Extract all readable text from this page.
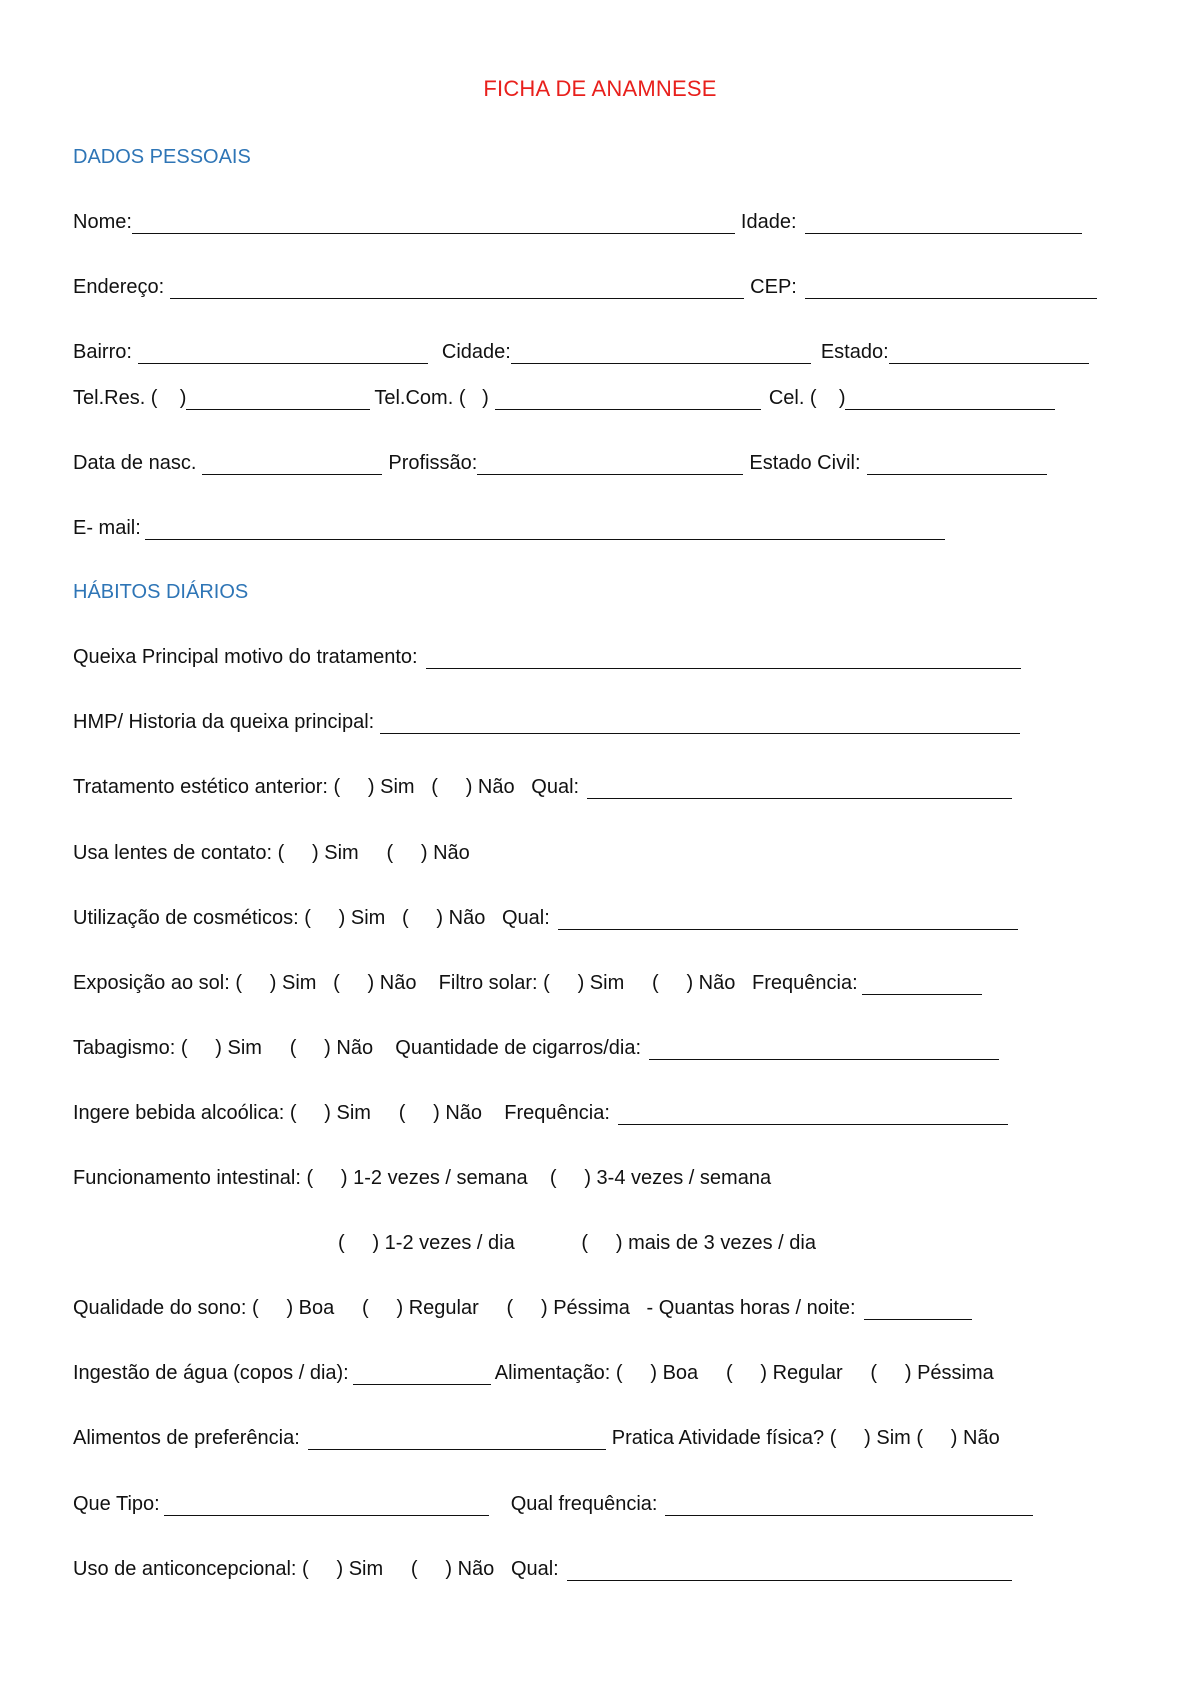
FICHA DE ANAMNESE
DADOS PESSOAIS
Nome:	Idade:
Endereço:	CEP:
Bairro:	Cidade:	Estado:
Tel.Res. (    )	Tel.Com. (   )	Cel. (    )
Data de nasc.	Profissão:	Estado Civil:
E- mail:
HÁBITOS DIÁRIOS
Queixa Principal motivo do tratamento:
HMP/ Historia da queixa principal:
Tratamento estético anterior: (     ) Sim   (     ) Não   Qual:
Usa lentes de contato: (     ) Sim     (     ) Não
Utilização de cosméticos: (     ) Sim   (     ) Não   Qual:
Exposição ao sol: (     ) Sim   (     ) Não    Filtro solar: (     ) Sim     (     ) Não   Frequência:
Tabagismo: (     ) Sim     (     ) Não    Quantidade de cigarros/dia:
Ingere bebida alcoólica: (     ) Sim     (     ) Não    Frequência:
Funcionamento intestinal: (     ) 1-2 vezes / semana    (     ) 3-4 vezes / semana
(     ) 1-2 vezes / dia            (     ) mais de 3 vezes / dia
Qualidade do sono: (     ) Boa     (     ) Regular     (     ) Péssima   - Quantas horas / noite:
Ingestão de água (copos / dia):	Alimentação: (     ) Boa     (     ) Regular     (     ) Péssima
Alimentos de preferência:	Pratica Atividade física? (     ) Sim (     ) Não
Que Tipo:	Qual frequência:
Uso de anticoncepcional: (     ) Sim     (     ) Não   Qual:
